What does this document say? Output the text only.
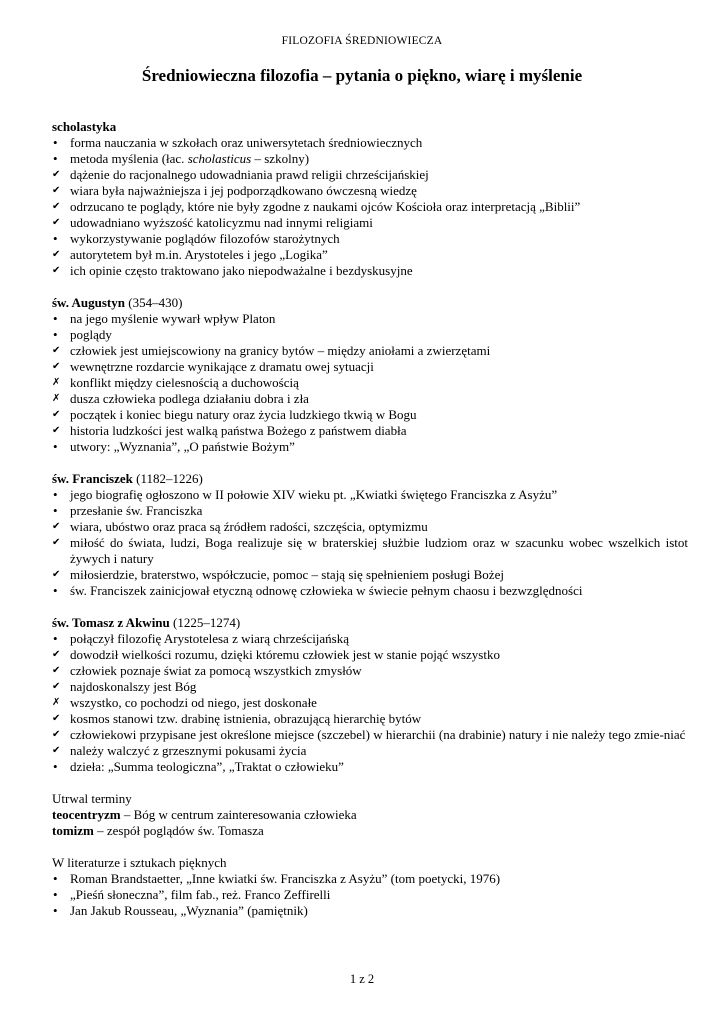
FILOZOFIA ŚREDNIOWIECZA
Średniowieczna filozofia – pytania o piękno, wiarę i myślenie
scholastyka
• forma nauczania w szkołach oraz uniwersytetach średniowiecznych
• metoda myślenia (łac. scholasticus – szkolny)
✔ dążenie do racjonalnego udowadniania prawd religii chrześcijańskiej
✔ wiara była najważniejsza i jej podporządkowano ówczesną wiedzę
✔ odrzucano te poglądy, które nie były zgodne z naukami ojców Kościoła oraz interpretacją „Biblii”
✔ udowadniano wyższość katolicyzmu nad innymi religiami
• wykorzystywanie poglądów filozofów starożytnych
✔ autorytetem był m.in. Arystoteles i jego „Logika”
✔ ich opinie często traktowano jako niepodważalne i bezdyskusyjne
św. Augustyn (354–430)
• na jego myślenie wywarł wpływ Platon
• poglądy
✔ człowiek jest umiejscowiony na granicy bytów – między aniołami a zwierzętami
✔ wewnętrzne rozdarcie wynikające z dramatu owej sytuacji
✗ konflikt między cielesnością a duchowością
✗ dusza człowieka podlega działaniu dobra i zła
✔ początek i koniec biegu natury oraz życia ludzkiego tkwią w Bogu
✔ historia ludzkości jest walką państwa Bożego z państwem diabła
• utwory: „Wyznania”, „O państwie Bożym”
św. Franciszek (1182–1226)
• jego biografię ogłoszono w II połowie XIV wieku pt. „Kwiatki świętego Franciszka z Asyżu”
• przesłanie św. Franciszka
✔ wiara, ubóstwo oraz praca są źródłem radości, szczęścia, optymizmu
✔ miłość do świata, ludzi, Boga realizuje się w braterskiej służbie ludziom oraz w szacunku wobec wszelkich istot żywych i natury
✔ miłosierdzie, braterstwo, współczucie, pomoc – stają się spełnieniem posługi Bożej
• św. Franciszek zainicjował etyczną odnowę człowieka w świecie pełnym chaosu i bezwzględności
św. Tomasz z Akwinu (1225–1274)
• połączył filozofię Arystotelesa z wiarą chrześcijańską
✔ dowodził wielkości rozumu, dzięki któremu człowiek jest w stanie pojąć wszystko
✔ człowiek poznaje świat za pomocą wszystkich zmysłów
✔ najdoskonalszy jest Bóg
✗ wszystko, co pochodzi od niego, jest doskonałe
✔ kosmos stanowi tzw. drabinę istnienia, obrazującą hierarchię bytów
✔ człowiekowi przypisane jest określone miejsce (szczebel) w hierarchii (na drabinie) natury i nie należy tego zmie-niać
✔ należy walczyć z grzesznymi pokusami życia
• dzieła: „Summa teologiczna”, „Traktat o człowieku”
Utrwal terminy
teocentryzm – Bóg w centrum zainteresowania człowieka
tomizm – zespół poglądów św. Tomasza
W literaturze i sztukach pięknych
• Roman Brandstaetter, „Inne kwiatki św. Franciszka z Asyżu” (tom poetycki, 1976)
• „Pieśń słoneczna”, film fab., reż. Franco Zeffirelli
• Jan Jakub Rousseau, „Wyznania” (pamiętnik)
1 z 2
